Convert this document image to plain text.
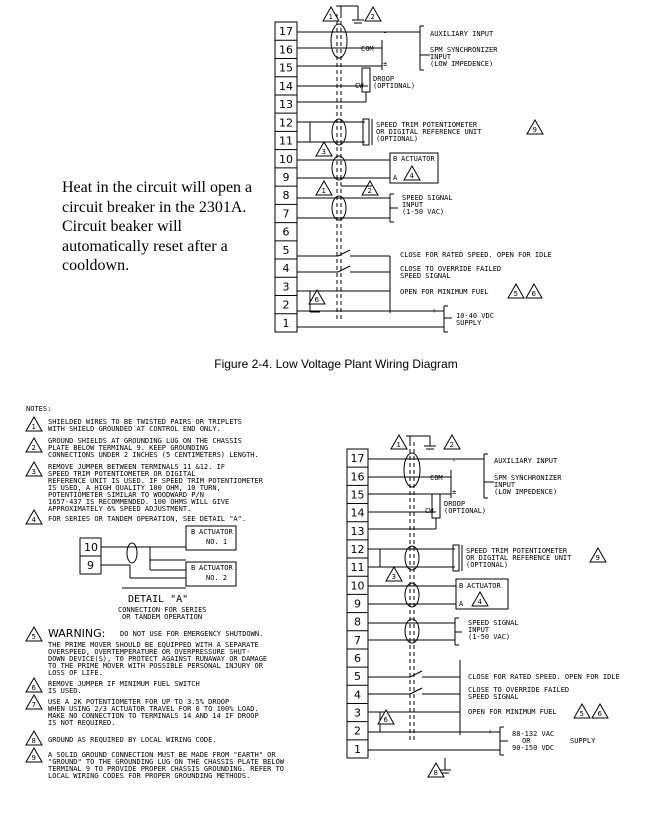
Heat in the circuit will open a circuit breaker in the 2301A. Circuit beaker will automatically reset after a cooldown.
Figure 2-4. Low Voltage Plant Wiring Diagram
17
16
15
14
13
12
11
10
9
8
7
6
5
4
3
2
1
1	2
3
9
4
1	2
6
5 6
17
16
15
14
13
12
11
10
9
8
7
6
5
4
3
2
1
1	2
3
9
4
6
5 6
8
1
2
3
4
5
6
7
8
9
AUXILIARY INPUT
COM
-
±
SPM SYNCHRONIZER
INPUT
(LOW IMPEDENCE)
DROOP
(OPTIONAL)
CW
SPEED TRIM POTENTIOMETER
OR DIGITAL REFERENCE UNIT
(OPTIONAL)
B ACTUATOR
A
SPEED SIGNAL
INPUT
(1-50 VAC)
CLOSE FOR RATED SPEED. OPEN FOR IDLE
CLOSE TO OVERRIDE FAILED
SPEED SIGNAL
OPEN FOR MINIMUM FUEL
10-40 VDC
SUPPLY
+
-
NOTES:
SHIELDED WIRES TO BE TWISTED PAIRS OR TRIPLETS
WITH SHIELD GROUNDED AT CONTROL END ONLY.
GROUND SHIELDS AT GROUNDING LUG ON THE CHASSIS
PLATE BELOW TERMINAL 9. KEEP GROUNDING
CONNECTIONS UNDER 2 INCHES (5 CENTIMETERS) LENGTH.
REMOVE JUMPER BETWEEN TERMINALS 11 &12. IF
SPEED TRIM POTENTIOMETER OR DIGITAL
REFERENCE UNIT IS USED. IF SPEED TRIM POTENTIOMETER
IS USED, A HIGH QUALITY 100 OHM, 10 TURN,
POTENTIOMETER SIMILAR TO WOODWARD P/N
1657-437 IS RECOMMENDED. 100 OHMS WILL GIVE
APPROXIMATELY 6% SPEED ADJUSTMENT.
FOR SERIES OR TANDEM OPERATION, SEE DETAIL "A".
10
9
B ACTUATOR
NO. 1
B ACTUATOR
NO. 2
DETAIL "A"
CONNECTION FOR SERIES
OR TANDEM OPERATION
WARNING: DO NOT USE FOR EMERGENCY SHUTDOWN.
THE PRIME MOVER SHOULD BE EQUIPPED WITH A SEPARATE
OVERSPEED, OVERTEMPERATURE OR OVERPRESSURE SHUT-
DOWN DEVICE(S), TO PROTECT AGAINST RUNAWAY OR DAMAGE
TO THE PRIME MOVER WITH POSSIBLE PERSONAL INJURY OR
LOSS OF LIFE.
REMOVE JUMPER IF MINIMUM FUEL SWITCH
IS USED.
USE A 2K POTENTIOMETER FOR UP TO 3.5% DROOP
WHEN USING 2/3 ACTUATOR TRAVEL FOR 0 TO 100% LOAD.
MAKE NO CONNECTION TO TERMINALS 14 AND 14 IF DROOP
IS NOT REQUIRED.
GROUND AS REQUIRED BY LOCAL WIRING CODE.
A SOLID GROUND CONNECTION MUST BE MADE FROM "EARTH" OR
"GROUND" TO THE GROUNDING LUG ON THE CHASSIS PLATE BELOW
TERMINAL 9 TO PROVIDE PROPER CHASSIS GROUNDING. REFER TO
LOCAL WIRING CODES FOR PROPER GROUNDING METHODS.
AUXILIARY INPUT
COM
-
±
SPM SYNCHRONIZER
INPUT
(LOW IMPEDENCE)
DROOP
(OPTIONAL)
CW
SPEED TRIM POTENTIOMETER
OR DIGITAL REFERENCE UNIT
(OPTIONAL)
B ACTUATOR
A
SPEED SIGNAL
INPUT
(1-50 VAC)
CLOSE FOR RATED SPEED. OPEN FOR IDLE
CLOSE TO OVERRIDE FAILED
SPEED SIGNAL
OPEN FOR MINIMUM FUEL
88-132 VAC
OR
90-150 VDC
SUPPLY
+
-
